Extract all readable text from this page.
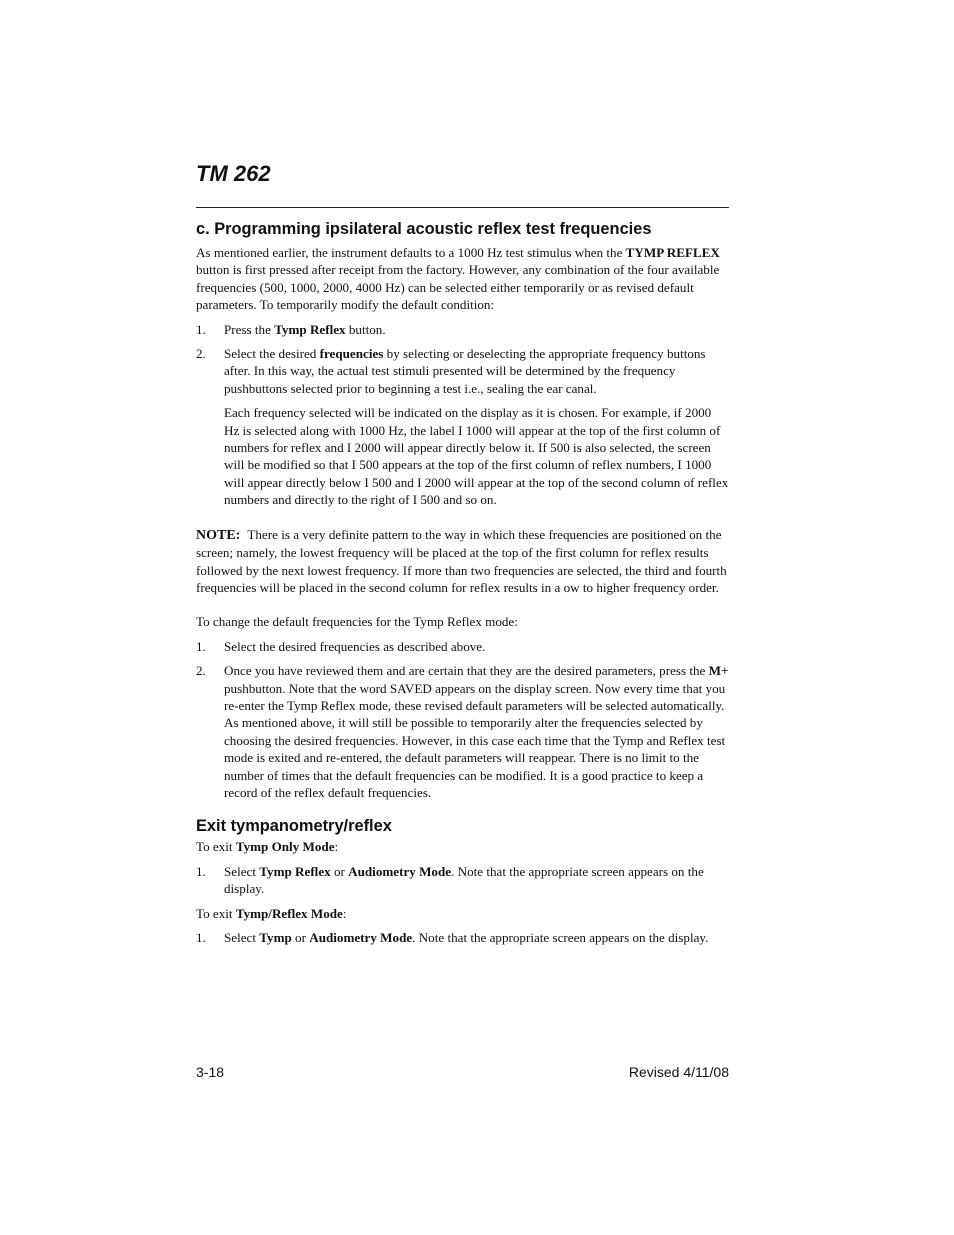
TM 262
c. Programming ipsilateral acoustic reflex test frequencies

As mentioned earlier, the instrument defaults to a 1000 Hz test stimulus when the TYMP REFLEX button is first pressed after receipt from the factory. However, any combination of the four available frequencies (500, 1000, 2000, 4000 Hz) can be selected either temporarily or as revised default parameters. To temporarily modify the default condition:

1.	Press the Tymp Reflex button.
2.	Select the desired frequencies by selecting or deselecting the appropriate frequency buttons after. In this way, the actual test stimuli presented will be determined by the frequency pushbuttons selected prior to beginning a test i.e., sealing the ear canal.

Each frequency selected will be indicated on the display as it is chosen. For example, if 2000 Hz is selected along with 1000 Hz, the label I 1000 will appear at the top of the first column of numbers for reflex and I 2000 will appear directly below it. If 500 is also selected, the screen will be modified so that I 500 appears at the top of the first column of reflex numbers, I 1000 will appear directly below I 500 and I 2000 will appear at the top of the second column of reflex numbers and directly to the right of I 500 and so on.

NOTE: There is a very definite pattern to the way in which these frequencies are positioned on the screen; namely, the lowest frequency will be placed at the top of the first column for reflex results followed by the next lowest frequency. If more than two frequencies are selected, the third and fourth frequencies will be placed in the second column for reflex results in a ow to higher frequency order.

To change the default frequencies for the Tymp Reflex mode:

1.	Select the desired frequencies as described above.
2.	Once you have reviewed them and are certain that they are the desired parameters, press the M+ pushbutton. Note that the word SAVED appears on the display screen. Now every time that you re-enter the Tymp Reflex mode, these revised default parameters will be selected automatically. As mentioned above, it will still be possible to temporarily alter the frequencies selected by choosing the desired frequencies. However, in this case each time that the Tymp and Reflex test mode is exited and re-entered, the default parameters will reappear. There is no limit to the number of times that the default frequencies can be modified. It is a good practice to keep a record of the reflex default frequencies.
Exit tympanometry/reflex

To exit Tymp Only Mode:

1.	Select Tymp Reflex or Audiometry Mode. Note that the appropriate screen appears on the display.

To exit Tymp/Reflex Mode:

1.	Select Tymp or Audiometry Mode. Note that the appropriate screen appears on the display.
3-18	Revised 4/11/08
